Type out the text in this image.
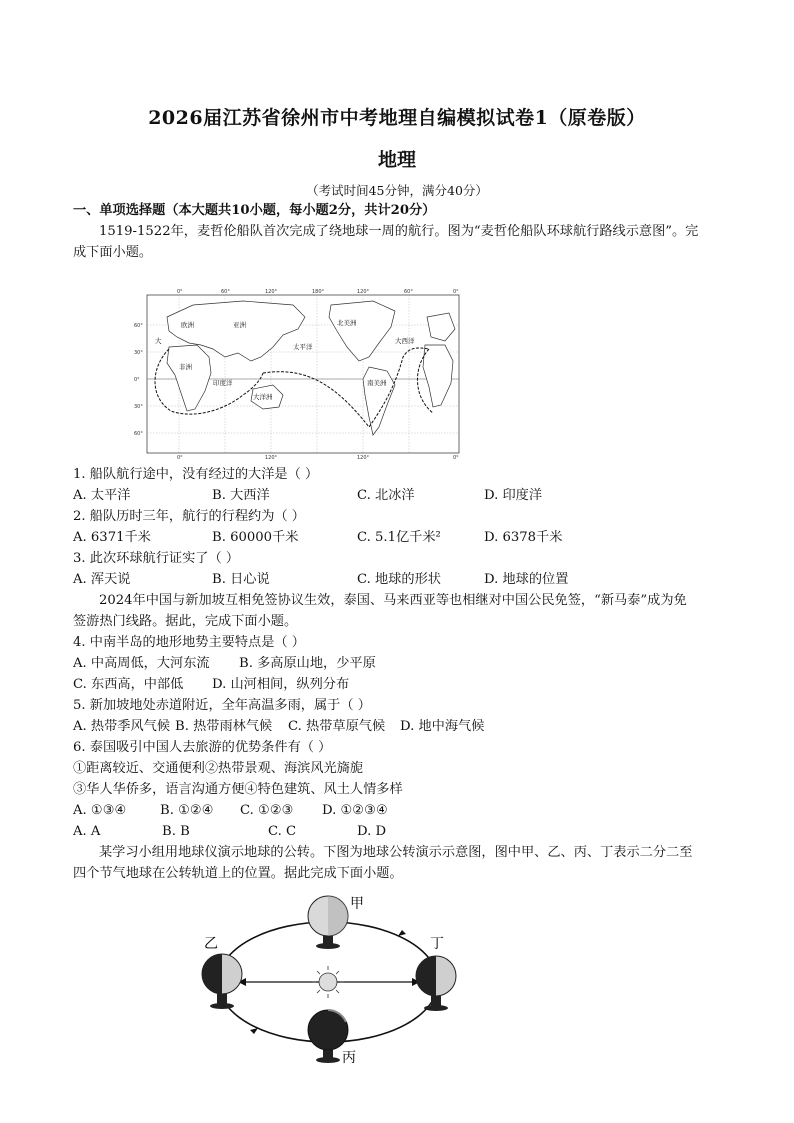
2026届江苏省徐州市中考地理自编模拟试卷1（原卷版）
地理
（考试时间45分钟，满分40分）
一、单项选择题（本大题共10小题，每小题2分，共计20分）
1519-1522年，麦哲伦船队首次完成了绕地球一周的航行。图为“麦哲伦船队环球航行路线示意图”。完
成下面小题。
0°	60°	120°	180°	120°	60°	0°
0°	120°	120°	0°
60°
30°
0°
30°
60°
欧洲	亚洲	北美洲
非洲
印度洋
太平洋
大	大西洋
南美洲
大洋洲
1. 船队航行途中，没有经过的大洋是（ ）
A. 太平洋	B. 大西洋	C. 北冰洋	D. 印度洋
2. 船队历时三年，航行的行程约为（ ）
A. 6371千米	B. 60000千米	C. 5.1亿千米²	D. 6378千米
3. 此次环球航行证实了（ ）
A. 浑天说	B. 日心说	C. 地球的形状	D. 地球的位置
2024年中国与新加坡互相免签协议生效，泰国、马来西亚等也相继对中国公民免签，“新马泰”成为免
签游热门线路。据此，完成下面小题。
4. 中南半岛的地形地势主要特点是（ ）
A. 中高周低，大河东流 B. 多高原山地，少平原
C. 东西高，中部低 D. 山河相间，纵列分布
5. 新加坡地处赤道附近，全年高温多雨，属于（ ）
A. 热带季风气候 B. 热带雨林气候 C. 热带草原气候 D. 地中海气候
6. 泰国吸引中国人去旅游的优势条件有（ ）
①距离较近、交通便利②热带景观、海滨风光旖旎
③华人华侨多，语言沟通方便④特色建筑、风土人情多样
A. ①③④	B. ①②④ C. ①②③ D. ①②③④
A. A	B. B	C. C	D. D
某学习小组用地球仪演示地球的公转。下图为地球公转演示示意图，图中甲、乙、丙、丁表示二分二至
四个节气地球在公转轨道上的位置。据此完成下面小题。
甲
乙	丁
丙
